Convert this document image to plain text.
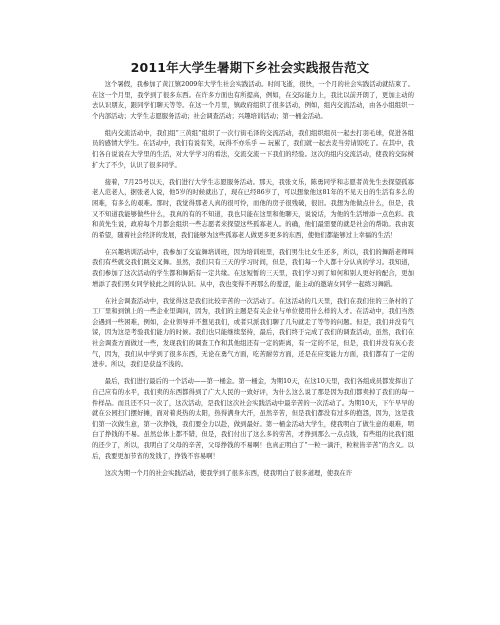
2011年大学生暑期下乡社会实践报告范文

这个暑假，我参加了黄江镇2009年大学生社会实践活动。时间飞逝，很快，一个月的社会实践活动就结束了。在这一个月里，我学到了很多东西。在许多方面也有所提高，例如，在交际能力上，我比以前开朗了，更加主动的去认识朋友，跟同学们聊天等等。在这一个月里，镇政府组织了很多活动，例如，组内交流活动，由各小组组织一个内部活动；大学生志愿服务活动；社会调查活动；兴趣培训活动；第一桶金活动。

组内交流活动中，我们组“三黄组”组织了一次行街毛泽的交流活动，我们组织组员一起去打羽毛球，促进各组员的感情大学生。在活动中，我们有说有笑，玩得不亦乐乎 — 玩累了，我们就一起去麦当劳请饭吃了。在其中，我们各自说说在大学里的生活，对大学学习的看法，交流交流一下我们的经验。这次的组内交流活动，使我的交际树扩大了不少，认识了很多同学。

接着，7月25号以天，我们进行大学生志愿服务活动。那天，我张文乐，陈勇同学和志愿者黄先生去探望孤寡老人范老人，据张老人说，他5岁的时候就出了，现在已经86岁了，可以想象他这81年的不见天日的生活有多么的困难，有多么的艰难。那时，我觉得那老人真的很可怜，而他的房子很残破，很旧。我想为他做点什么，但是，我又不知道我能够做些什么，我真的有的不知道，我也只能在这里和他聊天，说说话，为他的生活增添一点色彩。我和黄先生说，政府每个月都会组织一些志愿者来探望这些孤寡老人。的确，他们最需要的就是社会的帮助。我由衷的希望，随着社会经济的发展，我们能够为这些孤寡老人做更多更多的东西，使他们都能够过上幸福的生活！

在兴趣培训活动中，我参加了交谊舞培训班，因为培训班里，我们男生比女生还多，所以，我们的舞蹈老师叫我们有些就交我们跳交叉舞。虽然，我们只有三天的学习时间，但是，我们每一个人都十分认真的学习。我知道，我们参加了这次活动的学生都和舞蹈有一定共缘。在这短暂的三天里，我们学习到了如何和别人更好的配合，更加增添了我们男女同学彼此之间的认识。从中，我也变得不再那么的羞涩，能主动的邀请女同学一起练习舞蹈。

在社会调查活动中，我觉得这是我们比较辛苦的一次活动了。在这活动的几天里，我们在我们住的三条村的了工厂里和到镇上的一些企业里调问，因为，我们的主题是有关企业与单位使用什么样的人才。在活动中，我们当然会遇到一些困难，例如，企业领导并不想见我们，或者只派我们聊了几句就走了等等的问题。但是，我们并没有气馁，因为这是考验我们能力的时候。我们也只能继续坚持，最后，我们终于完成了我们的调查活动，虽然，我们在社会调查方面做过一些，发现我们的调查工作和其他组还有一定的距离，有一定的不足，但是，我们并没有灰心丧气，因为，我们从中学到了很多东西，无论在勇气方面，吃苦耐劳方面，还是在应变能力方面，我们都有了一定的进步。所以，我们是获益不浅的。

最后，我们进行最后的一个活动——第一桶金。第一桶金，为期10天，在这10天里，我们各组成员都发挥出了自己应有的水平，我们卖的东西都得到了广大人民的一致好评，为什么这么说了那是因为我们都卖掉了我们的每一件样品。而且还不只一次了，这次活动，是我们这次社会实践活动中最辛苦的一次活动了。为期10天，下午早早的就在公园扫门摆好摊，面对着炎热的太阳，热得满身大汗，虽然辛苦，但是我们都没有过多的抱怨，因为，这是我们第一次做生意，第一次挣钱，我们要全力以赴，做到最好。第一桶金活动大学生，使我明白了做生意的艰难，明白了挣钱的不易。虽然总体上都不错，但是，我们付出了这么多的劳苦，才挣到那么一点点钱，有些组的比我们组的还少了，所以，我明白了父母的辛苦，父母挣钱的不易啊！也真正明白了“一粒一滴汗，粒粒皆辛苦”的含义。以后，我要更加节省的发钱了，挣钱不容易啊！

这次为期一个月的社会实践活动，使我学到了很多东西，使我明白了很多道理，使我在许
